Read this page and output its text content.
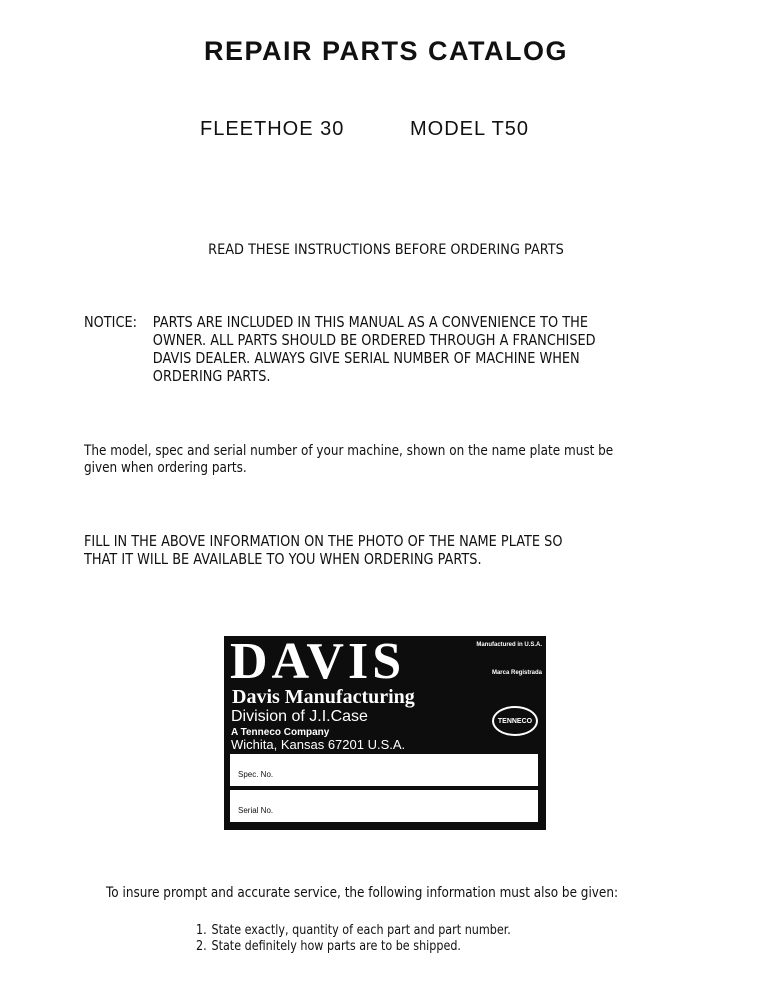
REPAIR PARTS CATALOG
FLEETHOE 30	MODEL T50
READ THESE INSTRUCTIONS BEFORE ORDERING PARTS
NOTICE: PARTS ARE INCLUDED IN THIS MANUAL AS A CONVENIENCE TO THE
OWNER. ALL PARTS SHOULD BE ORDERED THROUGH A FRANCHISED
DAVIS DEALER. ALWAYS GIVE SERIAL NUMBER OF MACHINE WHEN
ORDERING PARTS.
The model, spec and serial number of your machine, shown on the name plate must be
given when ordering parts.
FILL IN THE ABOVE INFORMATION ON THE PHOTO OF THE NAME PLATE SO
THAT IT WILL BE AVAILABLE TO YOU WHEN ORDERING PARTS.
DAVIS	Manufactured in U.S.A.
Marca Registrada
Davis Manufacturing
Division of J.I.Case
A Tenneco Company
Wichita, Kansas 67201 U.S.A.
TENNECO
Spec. No.
Serial No.
To insure prompt and accurate service, the following information must also be given:
1. State exactly, quantity of each part and part number.
2. State definitely how parts are to be shipped.
